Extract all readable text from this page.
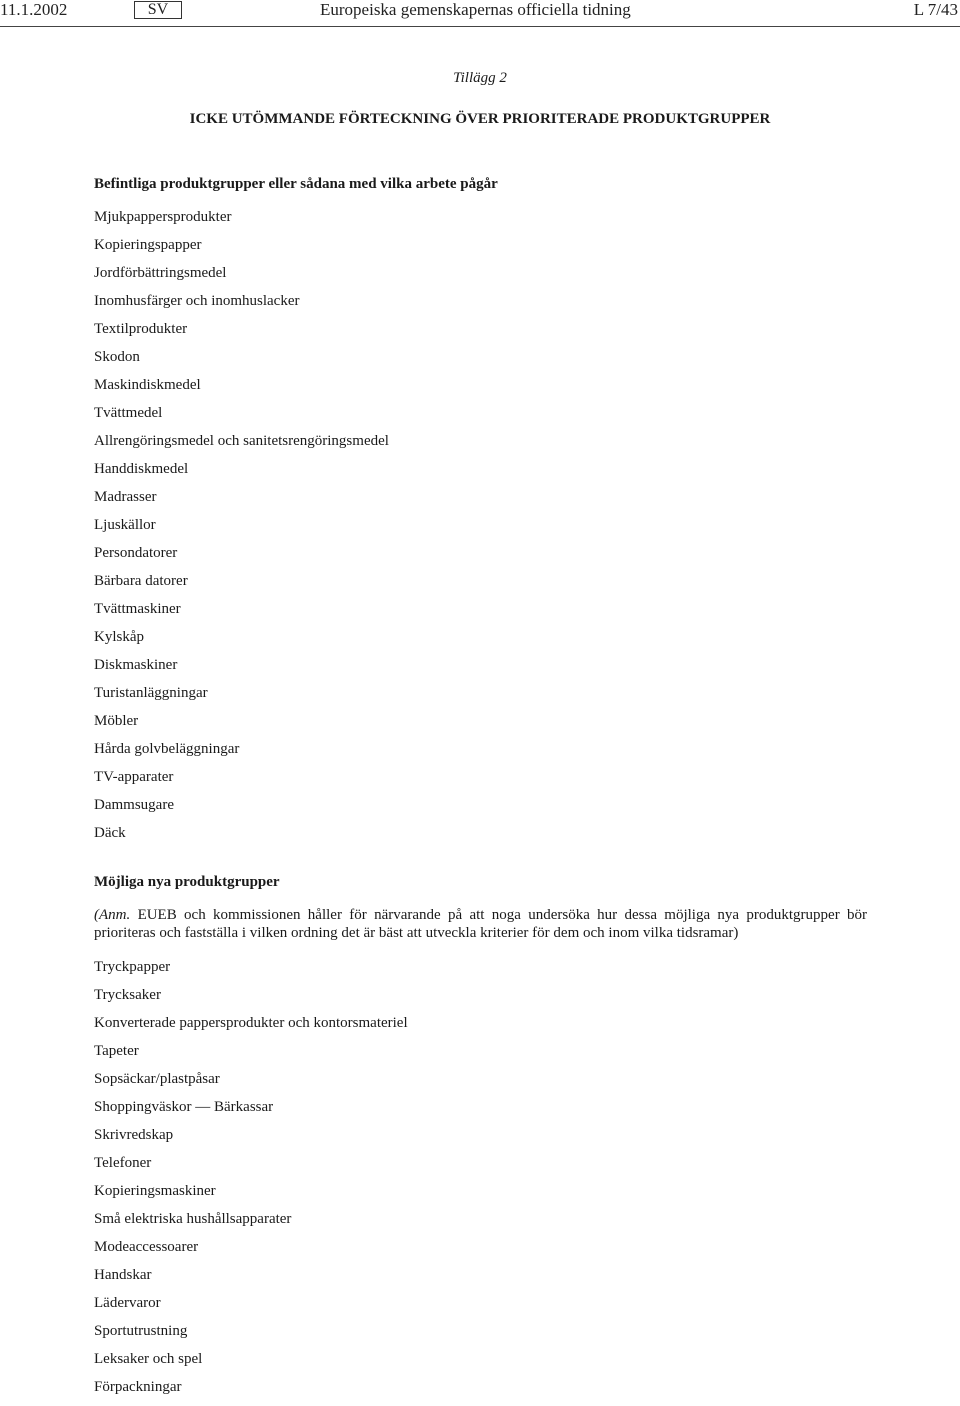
11.1.2002	SV	Europeiska gemenskapernas officiella tidning	L 7/43
Tillägg 2
ICKE UTÖMMANDE FÖRTECKNING ÖVER PRIORITERADE PRODUKTGRUPPER
Befintliga produktgrupper eller sådana med vilka arbete pågår
Mjukpappersprodukter
Kopieringspapper
Jordförbättringsmedel
Inomhusfärger och inomhuslacker
Textilprodukter
Skodon
Maskindiskmedel
Tvättmedel
Allrengöringsmedel och sanitetsrengöringsmedel
Handdiskmedel
Madrasser
Ljuskällor
Persondatorer
Bärbara datorer
Tvättmaskiner
Kylskåp
Diskmaskiner
Turistanläggningar
Möbler
Hårda golvbeläggningar
TV-apparater
Dammsugare
Däck
Möjliga nya produktgrupper
(Anm. EUEB och kommissionen håller för närvarande på att noga undersöka hur dessa möjliga nya produktgrupper bör prioriteras och fastställa i vilken ordning det är bäst att utveckla kriterier för dem och inom vilka tidsramar)
Tryckpapper
Trycksaker
Konverterade pappersprodukter och kontorsmateriel
Tapeter
Sopsäckar/plastpåsar
Shoppingväskor — Bärkassar
Skrivredskap
Telefoner
Kopieringsmaskiner
Små elektriska hushållsapparater
Modeaccessoarer
Handskar
Lädervaror
Sportutrustning
Leksaker och spel
Förpackningar
